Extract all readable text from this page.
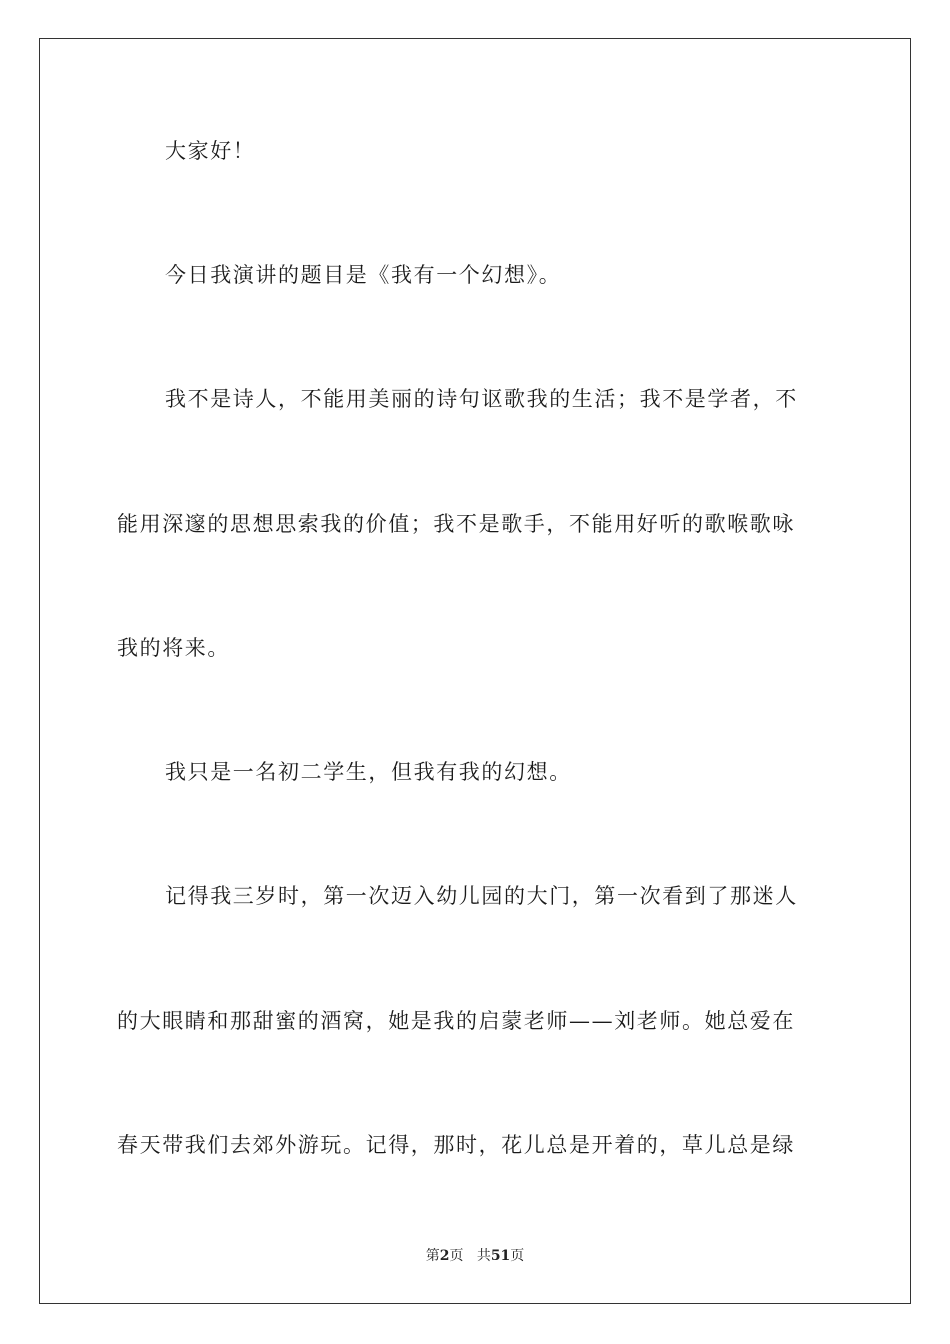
大家好！

今日我演讲的题目是《我有一个幻想》。

我不是诗人，不能用美丽的诗句讴歌我的生活；我不是学者，不

能用深邃的思想思索我的价值；我不是歌手，不能用好听的歌喉歌咏

我的将来。

我只是一名初二学生，但我有我的幻想。

记得我三岁时，第一次迈入幼儿园的大门，第一次看到了那迷人

的大眼睛和那甜蜜的酒窝，她是我的启蒙老师——刘老师。她总爱在

春天带我们去郊外游玩。记得，那时，花儿总是开着的，草儿总是绿

第2页 共51页
